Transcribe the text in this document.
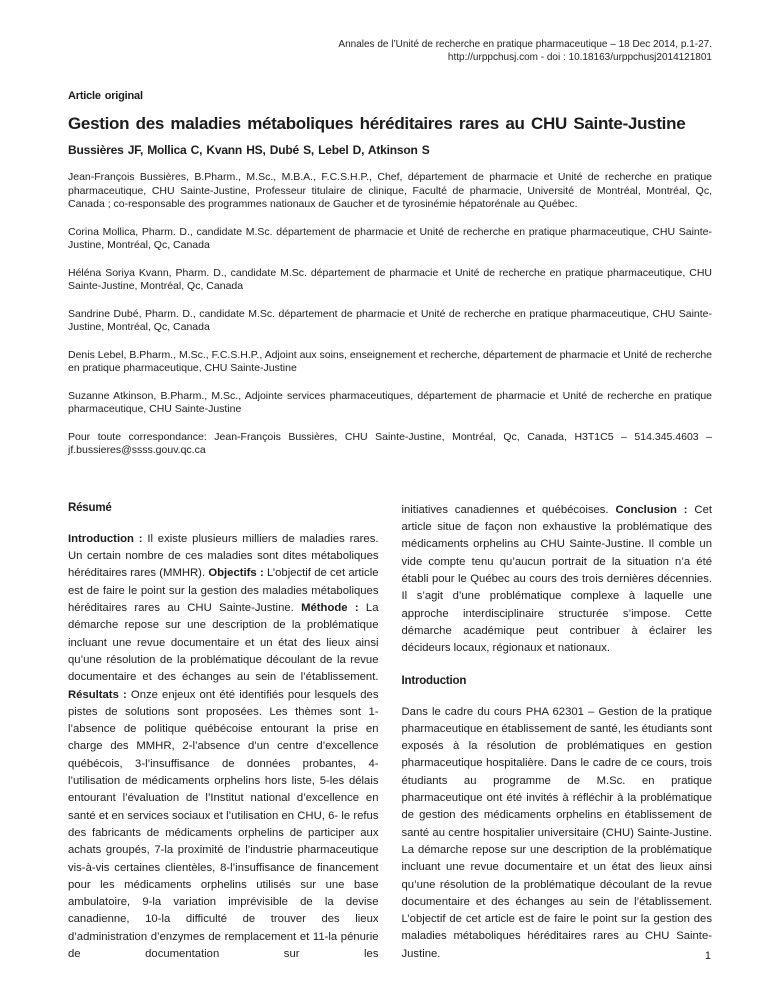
Annales de l’Unité de recherche en pratique pharmaceutique – 18 Dec 2014, p.1-27.
http://urppchusj.com - doi : 10.18163/urppchusj2014121801
Article original
Gestion des maladies métaboliques héréditaires rares au CHU Sainte-Justine
Bussières JF, Mollica C, Kvann HS, Dubé S, Lebel D, Atkinson S

Jean-François Bussières, B.Pharm., M.Sc., M.B.A., F.C.S.H.P., Chef, département de pharmacie et Unité de recherche en pratique pharmaceutique, CHU Sainte-Justine, Professeur titulaire de clinique, Faculté de pharmacie, Université de Montréal, Montréal, Qc, Canada ; co-responsable des programmes nationaux de Gaucher et de tyrosinémie hépatorénale au Québec.

Corina Mollica, Pharm. D., candidate M.Sc. département de pharmacie et Unité de recherche en pratique pharmaceutique, CHU Sainte-Justine, Montréal, Qc, Canada

Héléna Soriya Kvann, Pharm. D., candidate M.Sc. département de pharmacie et Unité de recherche en pratique pharmaceutique, CHU Sainte-Justine, Montréal, Qc, Canada

Sandrine Dubé, Pharm. D., candidate M.Sc. département de pharmacie et Unité de recherche en pratique pharmaceutique, CHU Sainte-Justine, Montréal, Qc, Canada

Denis Lebel, B.Pharm., M.Sc., F.C.S.H.P., Adjoint aux soins, enseignement et recherche, département de pharmacie et Unité de recherche en pratique pharmaceutique, CHU Sainte-Justine

Suzanne Atkinson, B.Pharm., M.Sc., Adjointe services pharmaceutiques, département de pharmacie et Unité de recherche en pratique pharmaceutique, CHU Sainte-Justine

Pour toute correspondance: Jean-François Bussières, CHU Sainte-Justine, Montréal, Qc, Canada, H3T1C5 – 514.345.4603 – jf.bussieres@ssss.gouv.qc.ca

Résumé

Introduction : Il existe plusieurs milliers de maladies rares. Un certain nombre de ces maladies sont dites métaboliques héréditaires rares (MMHR). Objectifs : L’objectif de cet article est de faire le point sur la gestion des maladies métaboliques héréditaires rares au CHU Sainte-Justine. Méthode : La démarche repose sur une description de la problématique incluant une revue documentaire et un état des lieux ainsi qu’une résolution de la problématique découlant de la revue documentaire et des échanges au sein de l’établissement. Résultats : Onze enjeux ont été identifiés pour lesquels des pistes de solutions sont proposées. Les thèmes sont 1-l’absence de politique québécoise entourant la prise en charge des MMHR, 2-l’absence d’un centre d’excellence québécois, 3-l’insuffisance de données probantes, 4-l’utilisation de médicaments orphelins hors liste, 5-les délais entourant l’évaluation de l’Institut national d’excellence en santé et en services sociaux et l’utilisation en CHU, 6- le refus des fabricants de médicaments orphelins de participer aux achats groupés, 7-la proximité de l’industrie pharmaceutique vis-à-vis certaines clientèles, 8-l’insuffisance de financement pour les médicaments orphelins utilisés sur une base ambulatoire, 9-la variation imprévisible de la devise canadienne, 10-la difficulté de trouver des lieux d’administration d’enzymes de remplacement et 11-la pénurie de documentation sur les

initiatives canadiennes et québécoises. Conclusion : Cet article situe de façon non exhaustive la problématique des médicaments orphelins au CHU Sainte-Justine. Il comble un vide compte tenu qu’aucun portrait de la situation n’a été établi pour le Québec au cours des trois dernières décennies. Il s’agit d’une problématique complexe à laquelle une approche interdisciplinaire structurée s’impose. Cette démarche académique peut contribuer à éclairer les décideurs locaux, régionaux et nationaux.

Introduction

Dans le cadre du cours PHA 62301 – Gestion de la pratique pharmaceutique en établissement de santé, les étudiants sont exposés à la résolution de problématiques en gestion pharmaceutique hospitalière. Dans le cadre de ce cours, trois étudiants au programme de M.Sc. en pratique pharmaceutique ont été invités à réfléchir à la problématique de gestion des médicaments orphelins en établissement de santé au centre hospitalier universitaire (CHU) Sainte-Justine. La démarche repose sur une description de la problématique incluant une revue documentaire et un état des lieux ainsi qu’une résolution de la problématique découlant de la revue documentaire et des échanges au sein de l’établissement. L’objectif de cet article est de faire le point sur la gestion des maladies métaboliques héréditaires rares au CHU Sainte-Justine.	1
